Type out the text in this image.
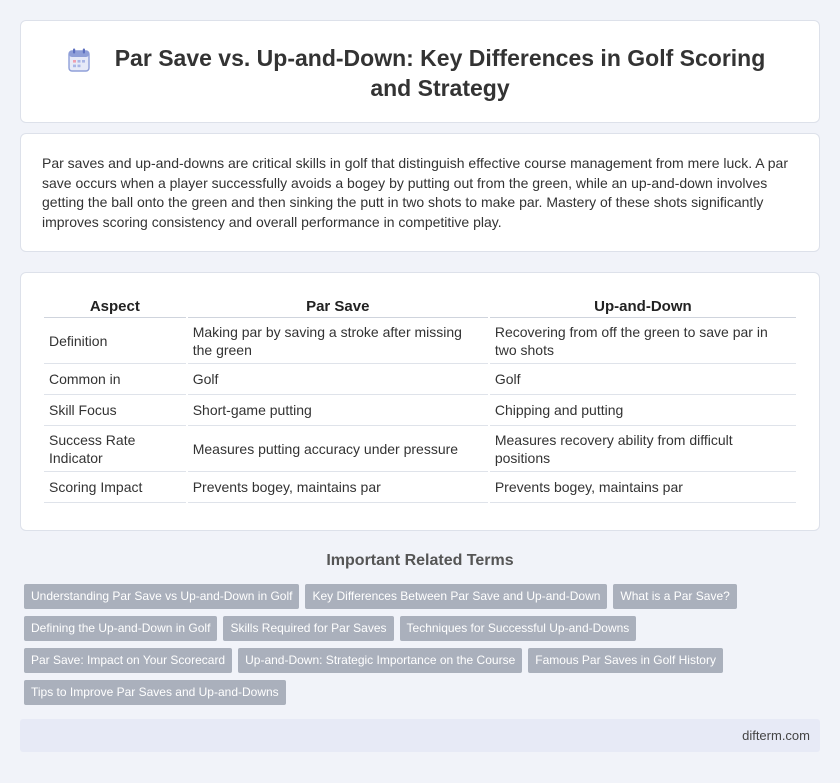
Par Save vs. Up-and-Down: Key Differences in Golf Scoring and Strategy

Par saves and up-and-downs are critical skills in golf that distinguish effective course management from mere luck. A par save occurs when a player successfully avoids a bogey by putting out from the green, while an up-and-down involves getting the ball onto the green and then sinking the putt in two shots to make par. Mastery of these shots significantly improves scoring consistency and overall performance in competitive play.

Aspect	Par Save	Up-and-Down
Definition	Making par by saving a stroke after missing the green	Recovering from off the green to save par in two shots
Common in	Golf	Golf
Skill Focus	Short-game putting	Chipping and putting
Success Rate Indicator	Measures putting accuracy under pressure	Measures recovery ability from difficult positions
Scoring Impact	Prevents bogey, maintains par	Prevents bogey, maintains par
Important Related Terms
Understanding Par Save vs Up-and-Down in Golf Key Differences Between Par Save and Up-and-Down What is a Par Save?
Defining the Up-and-Down in Golf Skills Required for Par Saves Techniques for Successful Up-and-Downs
Par Save: Impact on Your Scorecard Up-and-Down: Strategic Importance on the Course Famous Par Saves in Golf History
Tips to Improve Par Saves and Up-and-Downs
difterm.com
